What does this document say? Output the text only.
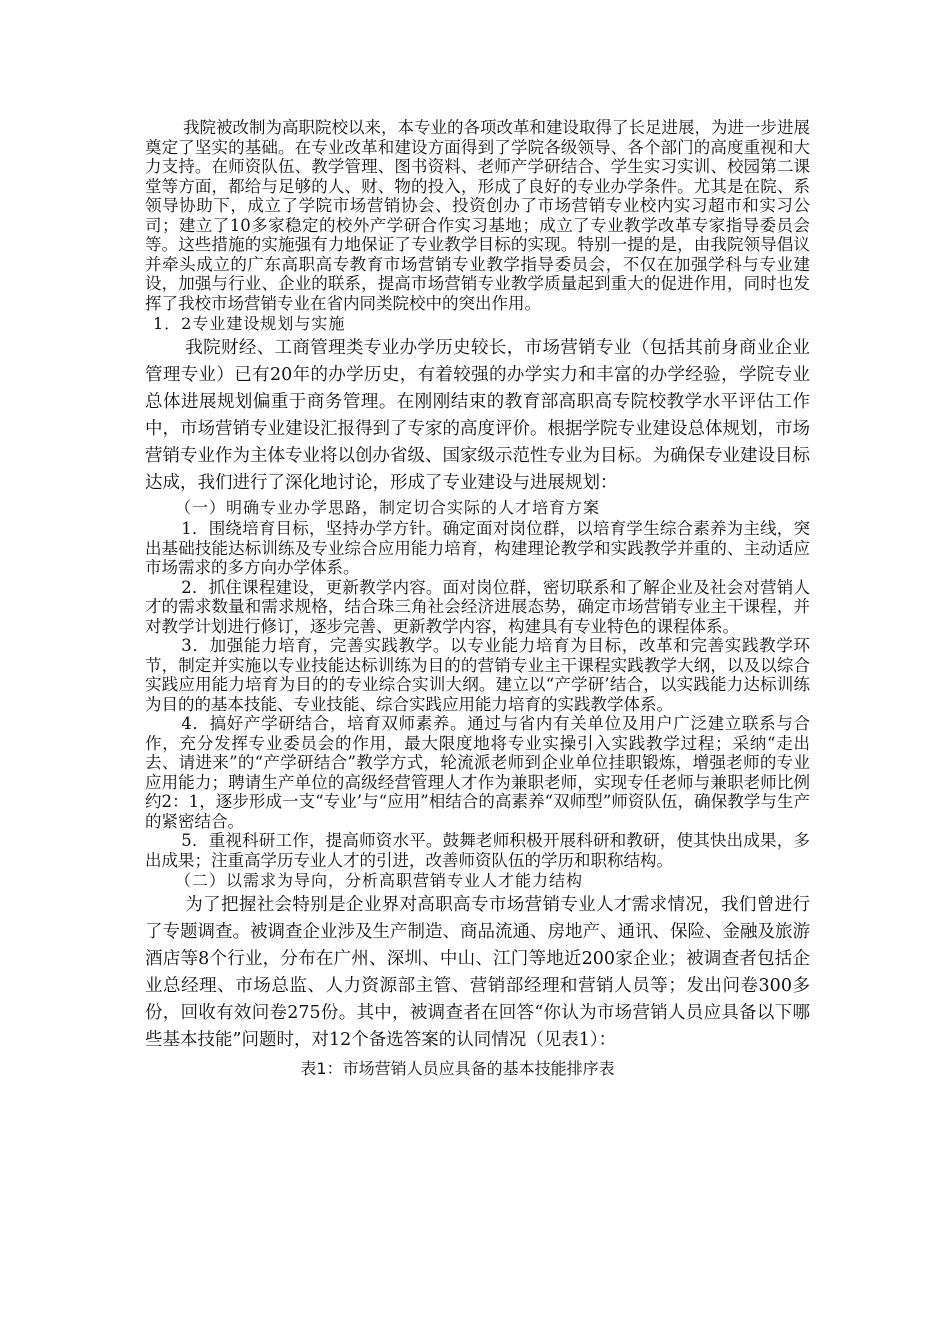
我院被改制为高职院校以来，本专业的各项改革和建设取得了长足进展，为进一步进展奠定了坚实的基础。在专业改革和建设方面得到了学院各级领导、各个部门的高度重视和大力支持。在师资队伍、教学管理、图书资料、老师产学研结合、学生实习实训、校园第二课堂等方面，都给与足够的人、财、物的投入，形成了良好的专业办学条件。尤其是在院、系领导协助下，成立了学院市场营销协会、投资创办了市场营销专业校内实习超市和实习公司；建立了10多家稳定的校外产学研合作实习基地；成立了专业教学改革专家指导委员会等。这些措施的实施强有力地保证了专业教学目标的实现。特别一提的是，由我院领导倡议并牵头成立的广东高职高专教育市场营销专业教学指导委员会，不仅在加强学科与专业建设，加强与行业、企业的联系，提高市场营销专业教学质量起到重大的促进作用，同时也发挥了我校市场营销专业在省内同类院校中的突出作用。

1．2专业建设规划与实施

我院财经、工商管理类专业办学历史较长，市场营销专业（包括其前身商业企业管理专业）已有20年的办学历史，有着较强的办学实力和丰富的办学经验，学院专业总体进展规划偏重于商务管理。在刚刚结束的教育部高职高专院校教学水平评估工作中，市场营销专业建设汇报得到了专家的高度评价。根据学院专业建设总体规划，市场营销专业作为主体专业将以创办省级、国家级示范性专业为目标。为确保专业建设目标达成，我们进行了深化地讨论，形成了专业建设与进展规划：

（一）明确专业办学思路，制定切合实际的人才培育方案

1．围绕培育目标，坚持办学方针。确定面对岗位群，以培育学生综合素养为主线，突出基础技能达标训练及专业综合应用能力培育，构建理论教学和实践教学并重的、主动适应市场需求的多方向办学体系。

2．抓住课程建设，更新教学内容。面对岗位群，密切联系和了解企业及社会对营销人才的需求数量和需求规格，结合珠三角社会经济进展态势，确定市场营销专业主干课程，并对教学计划进行修订，逐步完善、更新教学内容，构建具有专业特色的课程体系。

3．加强能力培育，完善实践教学。以专业能力培育为目标，改革和完善实践教学环节，制定并实施以专业技能达标训练为目的的营销专业主干课程实践教学大纲，以及以综合实践应用能力培育为目的的专业综合实训大纲。建立以“产学研’结合，以实践能力达标训练为目的的基本技能、专业技能、综合实践应用能力培育的实践教学体系。

4．搞好产学研结合，培育双师素养。通过与省内有关单位及用户广泛建立联系与合作，充分发挥专业委员会的作用，最大限度地将专业实操引入实践教学过程；采纳“走出去、请进来”的“产学研结合”教学方式，轮流派老师到企业单位挂职锻炼，增强老师的专业应用能力；聘请生产单位的高级经营管理人才作为兼职老师，实现专任老师与兼职老师比例约2：1，逐步形成一支“专业’与“应用”相结合的高素养“双师型”师资队伍，确保教学与生产的紧密结合。

5．重视科研工作，提高师资水平。鼓舞老师积极开展科研和教研，使其快出成果，多出成果；注重高学历专业人才的引进，改善师资队伍的学历和职称结构。

（二）以需求为导向，分析高职营销专业人才能力结构

为了把握社会特别是企业界对高职高专市场营销专业人才需求情况，我们曾进行了专题调查。被调查企业涉及生产制造、商品流通、房地产、通讯、保险、金融及旅游酒店等8个行业，分布在广州、深圳、中山、江门等地近200家企业；被调查者包括企业总经理、市场总监、人力资源部主管、营销部经理和营销人员等；发出问卷300多份，回收有效问卷275份。其中，被调查者在回答“你认为市场营销人员应具备以下哪些基本技能”问题时，对12个备选答案的认同情况（见表1）：

表1：市场营销人员应具备的基本技能排序表
